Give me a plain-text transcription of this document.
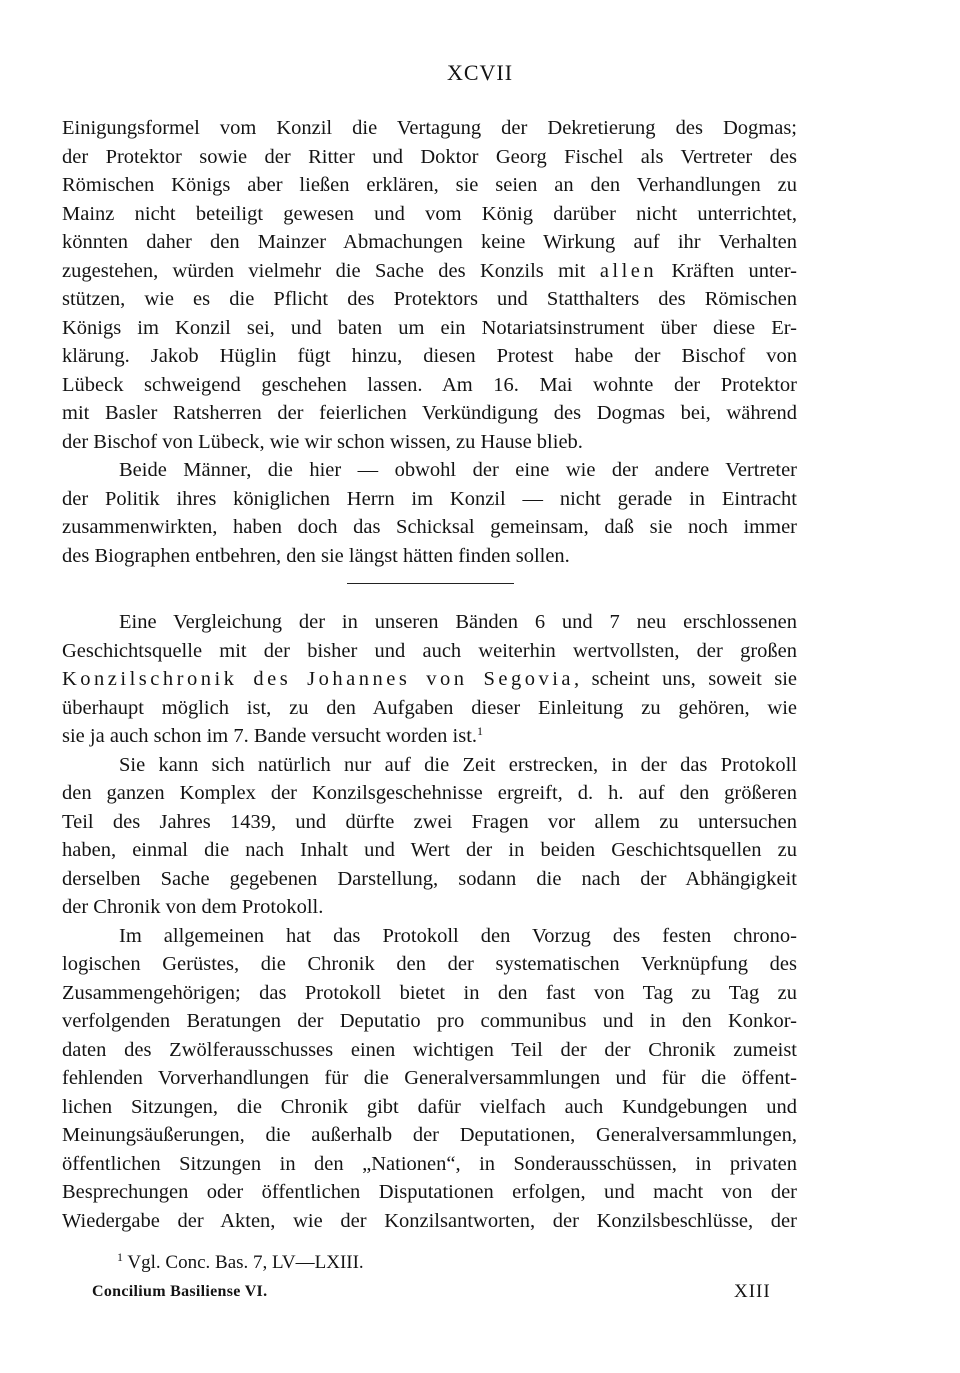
XCVII
Einigungsformel vom Konzil die Vertagung der Dekretierung des Dogmas;
der Protektor sowie der Ritter und Doktor Georg Fischel als Vertreter des
Römischen Königs aber ließen erklären, sie seien an den Verhandlungen zu
Mainz nicht beteiligt gewesen und vom König darüber nicht unterrichtet,
könnten daher den Mainzer Abmachungen keine Wirkung auf ihr Verhalten
zugestehen, würden vielmehr die Sache des Konzils mit allen Kräften unter-
stützen, wie es die Pflicht des Protektors und Statthalters des Römischen
Königs im Konzil sei, und baten um ein Notariatsinstrument über diese Er-
klärung. Jakob Hüglin fügt hinzu, diesen Protest habe der Bischof von
Lübeck schweigend geschehen lassen. Am 16. Mai wohnte der Protektor
mit Basler Ratsherren der feierlichen Verkündigung des Dogmas bei, während
der Bischof von Lübeck, wie wir schon wissen, zu Hause blieb.
Beide Männer, die hier — obwohl der eine wie der andere Vertreter
der Politik ihres königlichen Herrn im Konzil — nicht gerade in Eintracht
zusammenwirkten, haben doch das Schicksal gemeinsam, daß sie noch immer
des Biographen entbehren, den sie längst hätten finden sollen.
Eine Vergleichung der in unseren Bänden 6 und 7 neu erschlossenen
Geschichtsquelle mit der bisher und auch weiterhin wertvollsten, der großen
Konzilschronik des Johannes von Segovia, scheint uns, soweit sie
überhaupt möglich ist, zu den Aufgaben dieser Einleitung zu gehören, wie
sie ja auch schon im 7. Bande versucht worden ist.$^1$
Sie kann sich natürlich nur auf die Zeit erstrecken, in der das Protokoll
den ganzen Komplex der Konzilsgeschehnisse ergreift, d. h. auf den größeren
Teil des Jahres 1439, und dürfte zwei Fragen vor allem zu untersuchen
haben, einmal die nach Inhalt und Wert der in beiden Geschichtsquellen zu
derselben Sache gegebenen Darstellung, sodann die nach der Abhängigkeit
der Chronik von dem Protokoll.
Im allgemeinen hat das Protokoll den Vorzug des festen chrono-
logischen Gerüstes, die Chronik den der systematischen Verknüpfung des
Zusammengehörigen; das Protokoll bietet in den fast von Tag zu Tag zu
verfolgenden Beratungen der Deputatio pro communibus und in den Konkor-
daten des Zwölferausschusses einen wichtigen Teil der der Chronik zumeist
fehlenden Vorverhandlungen für die Generalversammlungen und für die öffent-
lichen Sitzungen, die Chronik gibt dafür vielfach auch Kundgebungen und
Meinungsäußerungen, die außerhalb der Deputationen, Generalversammlungen,
öffentlichen Sitzungen in den „Nationen“, in Sonderausschüssen, in privaten
Besprechungen oder öffentlichen Disputationen erfolgen, und macht von der
Wiedergabe der Akten, wie der Konzilsantworten, der Konzilsbeschlüsse, der
$^1$ Vgl. Conc. Bas. 7, LV—LXIII.
Concilium Basiliense VI.	XIII
